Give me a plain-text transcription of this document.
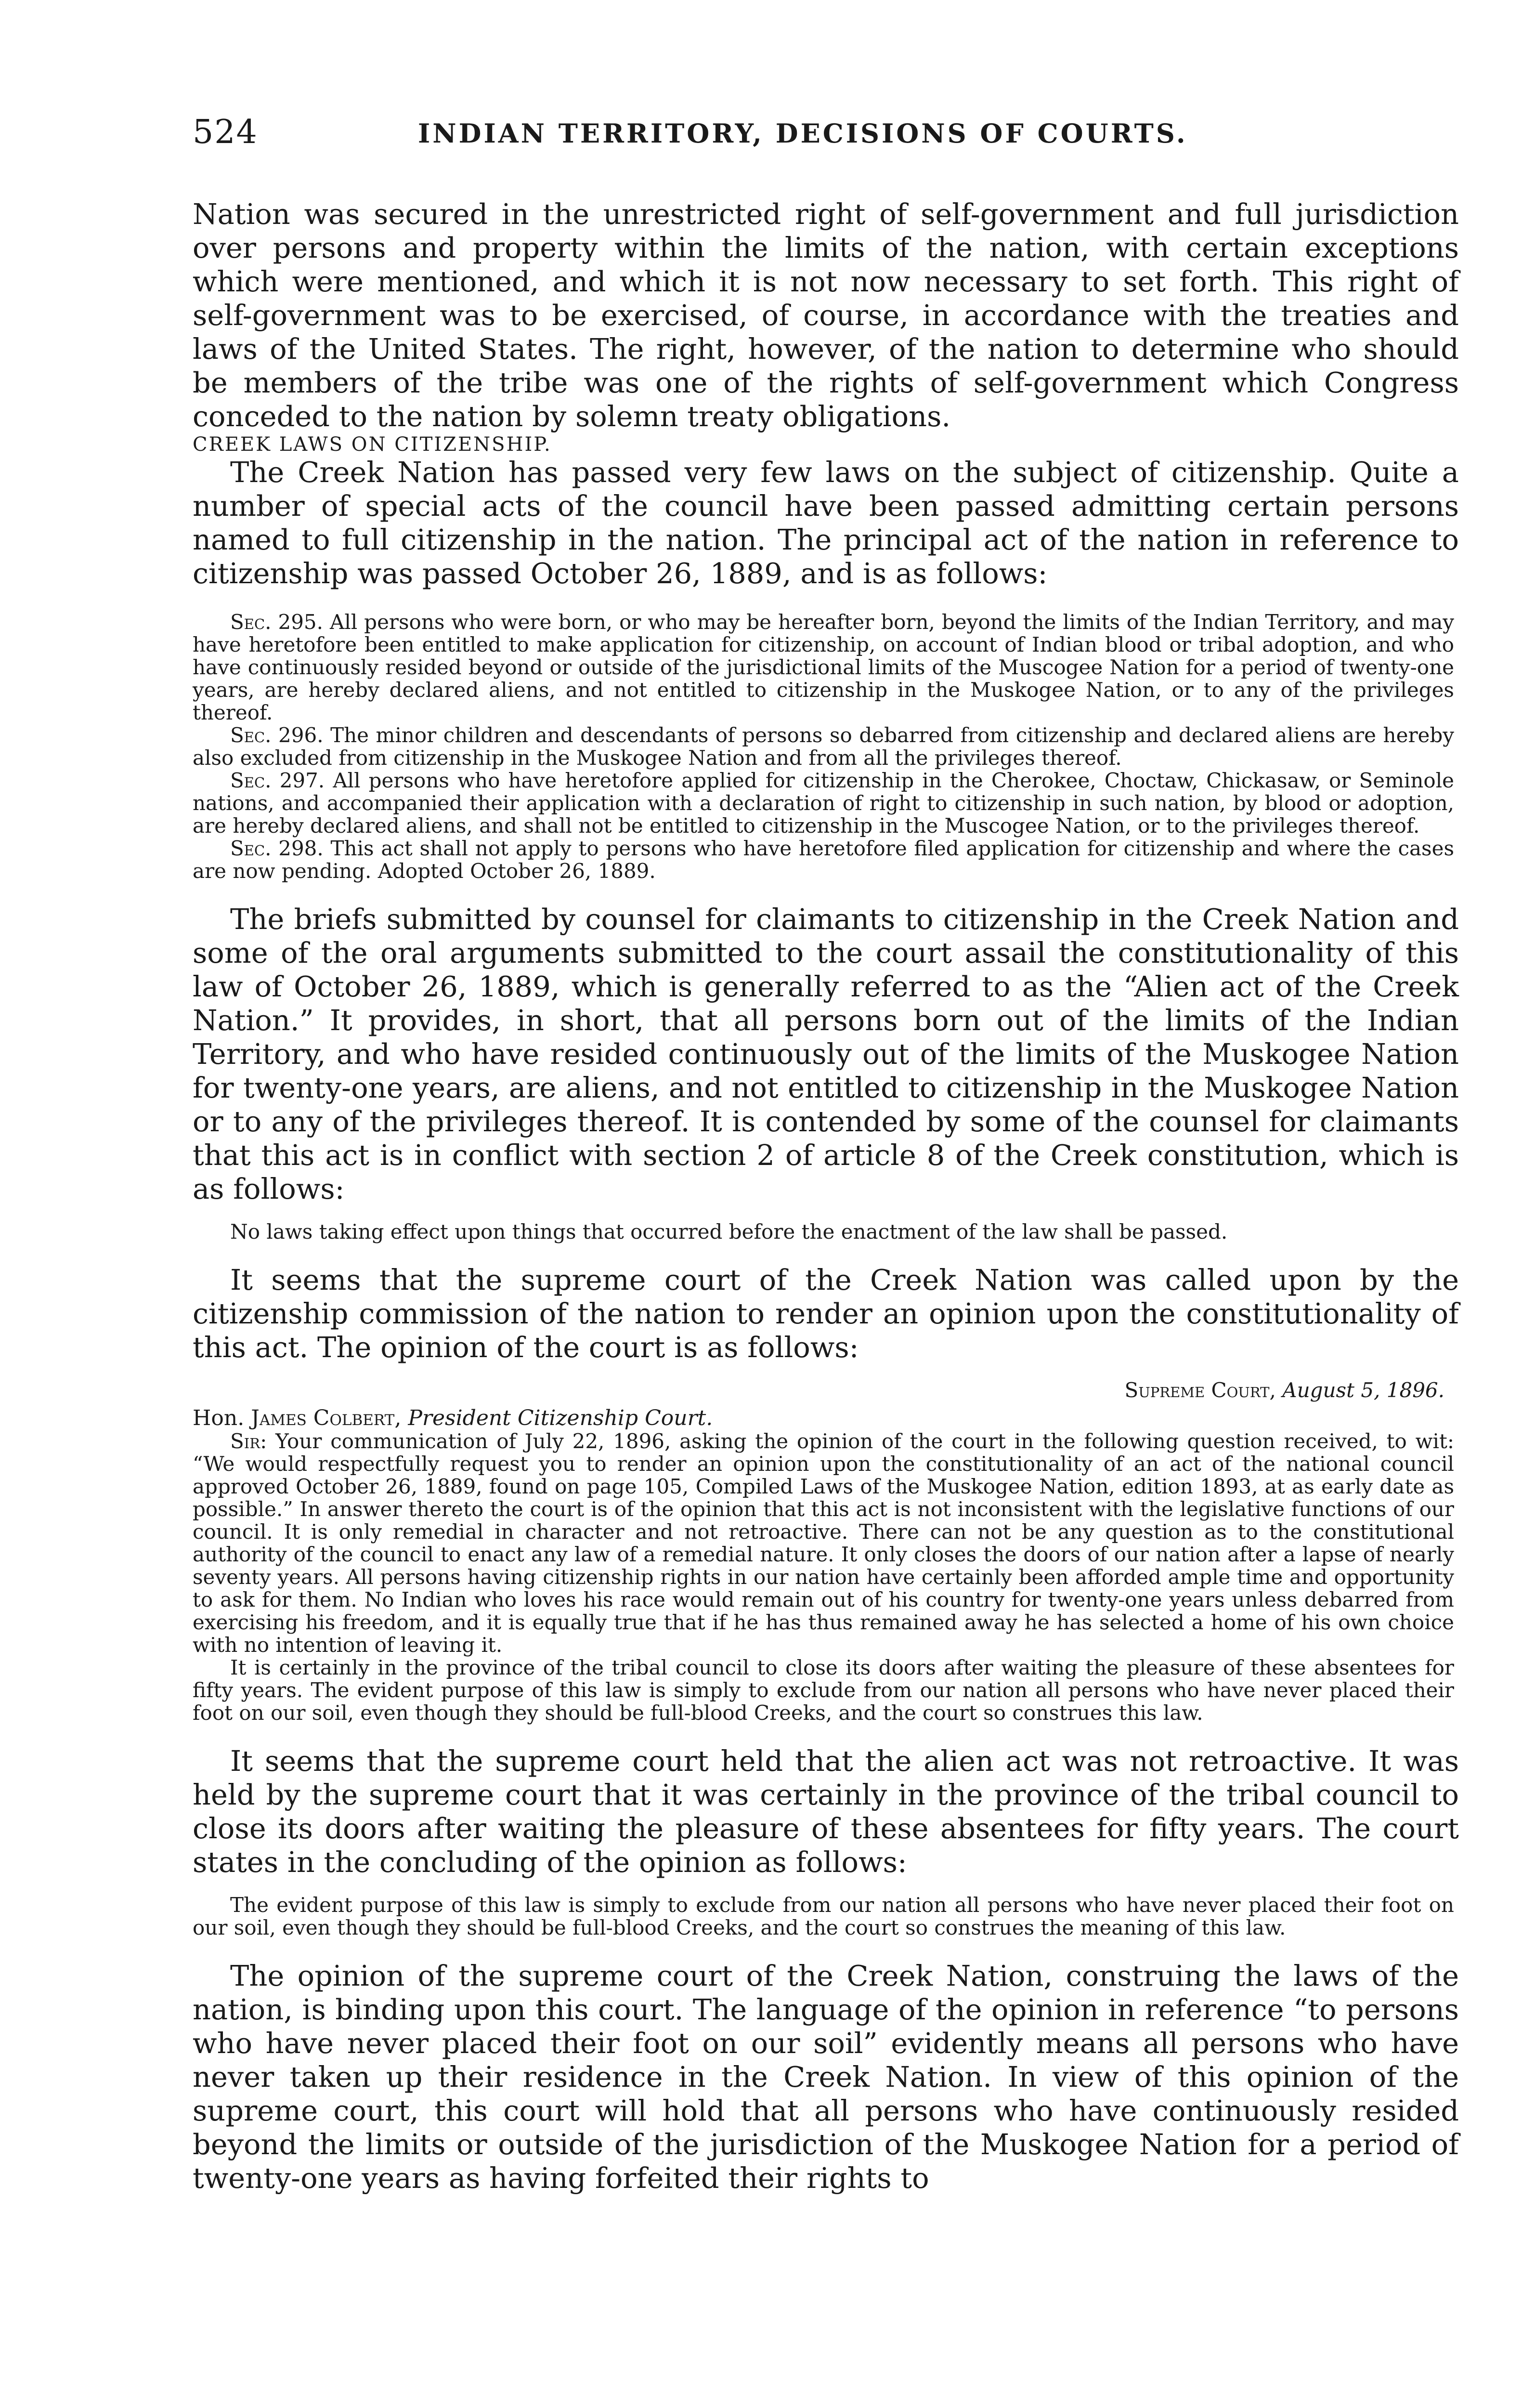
524	INDIAN TERRITORY, DECISIONS OF COURTS.

Nation was secured in the unrestricted right of self-government and full jurisdiction over persons and property within the limits of the nation, with certain exceptions which were mentioned, and which it is not now necessary to set forth. This right of self-government was to be exercised, of course, in accordance with the treaties and laws of the United States. The right, however, of the nation to determine who should be members of the tribe was one of the rights of self-government which Congress conceded to the nation by solemn treaty obligations.

CREEK LAWS ON CITIZENSHIP.

The Creek Nation has passed very few laws on the subject of citizenship. Quite a number of special acts of the council have been passed admitting certain persons named to full citizenship in the nation. The principal act of the nation in reference to citizenship was passed October 26, 1889, and is as follows:

Sec. 295. All persons who were born, or who may be hereafter born, beyond the limits of the Indian Territory, and may have heretofore been entitled to make application for citizenship, on account of Indian blood or tribal adoption, and who have continuously resided beyond or outside of the jurisdictional limits of the Muscogee Nation for a period of twenty-one years, are hereby declared aliens, and not entitled to citizenship in the Muskogee Nation, or to any of the privileges thereof.

Sec. 296. The minor children and descendants of persons so debarred from citizenship and declared aliens are hereby also excluded from citizenship in the Muskogee Nation and from all the privileges thereof.

Sec. 297. All persons who have heretofore applied for citizenship in the Cherokee, Choctaw, Chickasaw, or Seminole nations, and accompanied their application with a declaration of right to citizenship in such nation, by blood or adoption, are hereby declared aliens, and shall not be entitled to citizenship in the Muscogee Nation, or to the privileges thereof.

Sec. 298. This act shall not apply to persons who have heretofore filed application for citizenship and where the cases are now pending. Adopted October 26, 1889.

The briefs submitted by counsel for claimants to citizenship in the Creek Nation and some of the oral arguments submitted to the court assail the constitutionality of this law of October 26, 1889, which is generally referred to as the “Alien act of the Creek Nation.” It provides, in short, that all persons born out of the limits of the Indian Territory, and who have resided continuously out of the limits of the Muskogee Nation for twenty-one years, are aliens, and not entitled to citizenship in the Muskogee Nation or to any of the privileges thereof. It is contended by some of the counsel for claimants that this act is in conflict with section 2 of article 8 of the Creek constitution, which is as follows:

No laws taking effect upon things that occurred before the enactment of the law shall be passed.

It seems that the supreme court of the Creek Nation was called upon by the citizenship commission of the nation to render an opinion upon the constitutionality of this act. The opinion of the court is as follows:

Supreme Court, August 5, 1896.

Hon. James Colbert, President Citizenship Court.

Sir: Your communication of July 22, 1896, asking the opinion of the court in the following question received, to wit: “We would respectfully request you to render an opinion upon the constitutionality of an act of the national council approved October 26, 1889, found on page 105, Compiled Laws of the Muskogee Nation, edition 1893, at as early date as possible.” In answer thereto the court is of the opinion that this act is not inconsistent with the legislative functions of our council. It is only remedial in character and not retroactive. There can not be any question as to the constitutional authority of the council to enact any law of a remedial nature. It only closes the doors of our nation after a lapse of nearly seventy years. All persons having citizenship rights in our nation have certainly been afforded ample time and opportunity to ask for them. No Indian who loves his race would remain out of his country for twenty-one years unless debarred from exercising his freedom, and it is equally true that if he has thus remained away he has selected a home of his own choice with no intention of leaving it.

It is certainly in the province of the tribal council to close its doors after waiting the pleasure of these absentees for fifty years. The evident purpose of this law is simply to exclude from our nation all persons who have never placed their foot on our soil, even though they should be full-blood Creeks, and the court so construes this law.

It seems that the supreme court held that the alien act was not retroactive. It was held by the supreme court that it was certainly in the province of the tribal council to close its doors after waiting the pleasure of these absentees for fifty years. The court states in the concluding of the opinion as follows:

The evident purpose of this law is simply to exclude from our nation all persons who have never placed their foot on our soil, even though they should be full-blood Creeks, and the court so construes the meaning of this law.

The opinion of the supreme court of the Creek Nation, construing the laws of the nation, is binding upon this court. The language of the opinion in reference “to persons who have never placed their foot on our soil” evidently means all persons who have never taken up their residence in the Creek Nation. In view of this opinion of the supreme court, this court will hold that all persons who have continuously resided beyond the limits or outside of the jurisdiction of the Muskogee Nation for a period of twenty-one years as having forfeited their rights to
